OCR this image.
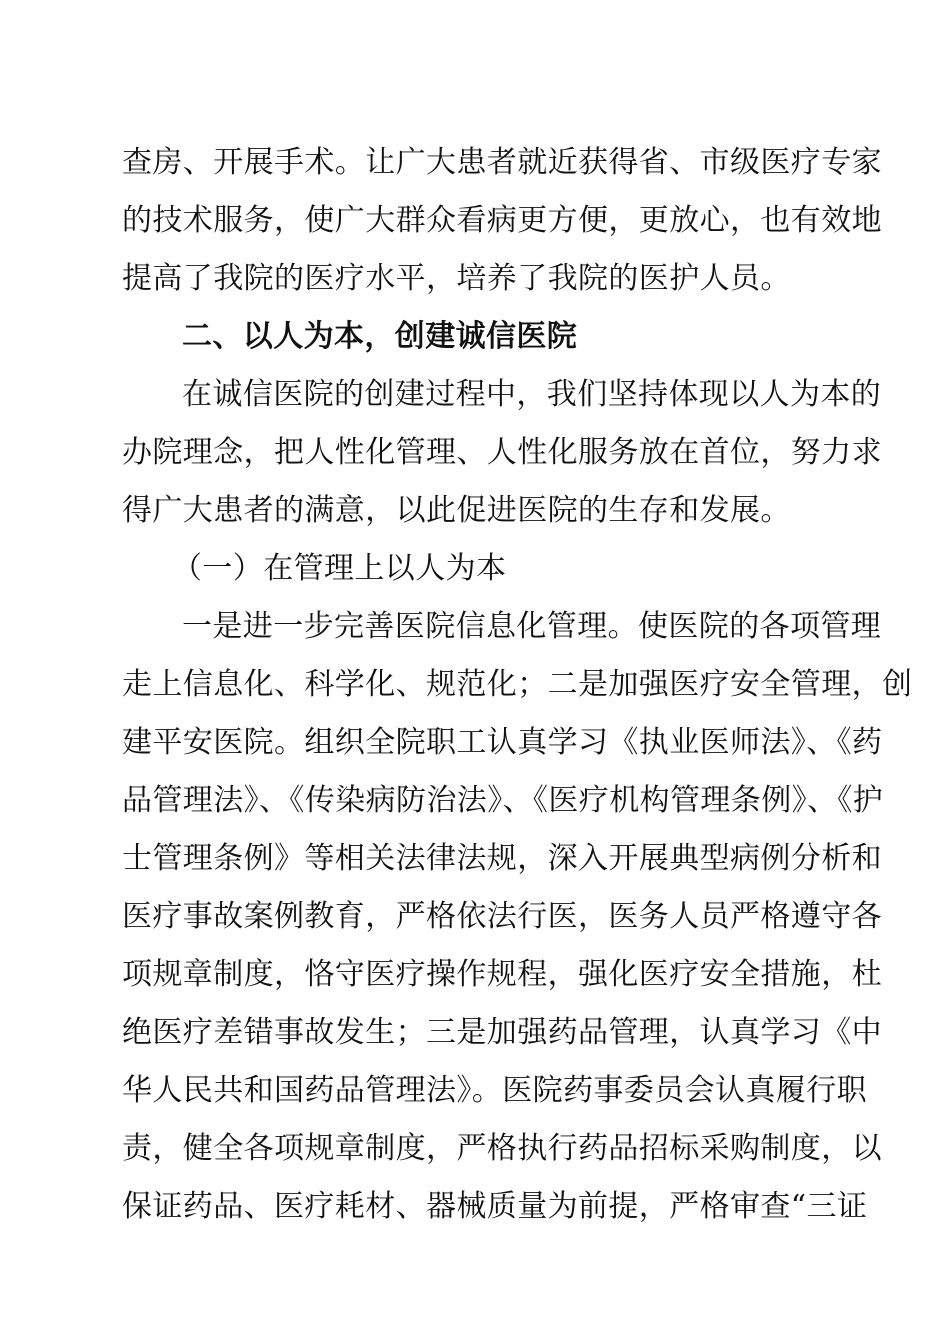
查房、开展手术。让广大患者就近获得省、市级医疗专家
的技术服务，使广大群众看病更方便，更放心，也有效地
提高了我院的医疗水平，培养了我院的医护人员。
二、以人为本，创建诚信医院
在诚信医院的创建过程中，我们坚持体现以人为本的
办院理念，把人性化管理、人性化服务放在首位，努力求
得广大患者的满意，以此促进医院的生存和发展。
（一）在管理上以人为本
一是进一步完善医院信息化管理。使医院的各项管理
走上信息化、科学化、规范化；二是加强医疗安全管理，创
建平安医院。组织全院职工认真学习《执业医师法》、《药
品管理法》、《传染病防治法》、《医疗机构管理条例》、《护
士管理条例》等相关法律法规，深入开展典型病例分析和
医疗事故案例教育，严格依法行医，医务人员严格遵守各
项规章制度，恪守医疗操作规程，强化医疗安全措施，杜
绝医疗差错事故发生；三是加强药品管理，认真学习《中
华人民共和国药品管理法》。医院药事委员会认真履行职
责，健全各项规章制度，严格执行药品招标采购制度，以
保证药品、医疗耗材、器械质量为前提，严格审查“三证
